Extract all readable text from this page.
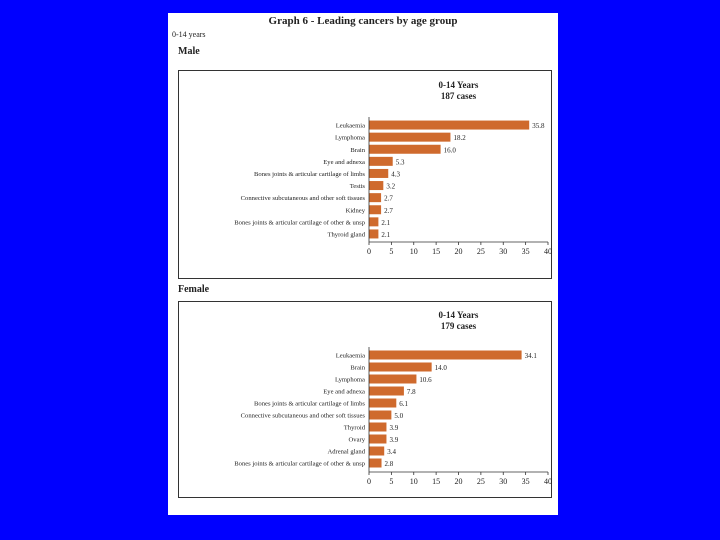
Graph 6 - Leading cancers by age group
0-14 years
Male
0-14 Years
187 cases
Leukaemia	35.8
Lymphoma	18.2
Brain	16.0
Eye and adnexa	5.3
Bones joints & articular cartilage of limbs	4.3
Testis	3.2
Connective subcutaneous and other soft tissues	2.7
Kidney	2.7
Bones joints & articular cartilage of other & unsp 2.1
Thyroid gland 2.1
0 5 10 15 20 25 30 35 40
Female
0-14 Years
179 cases
Leukaemia	34.1
Brain	14.0
Lymphoma	10.6
Eye and adnexa	7.8
Bones joints & articular cartilage of limbs	6.1
Connective subcutaneous and other soft tissues	5.0
Thyroid	3.9
Ovary	3.9
Adrenal gland	3.4
Bones joints & articular cartilage of other & unsp	2.8
0 5 10 15 20 25 30 35 40
